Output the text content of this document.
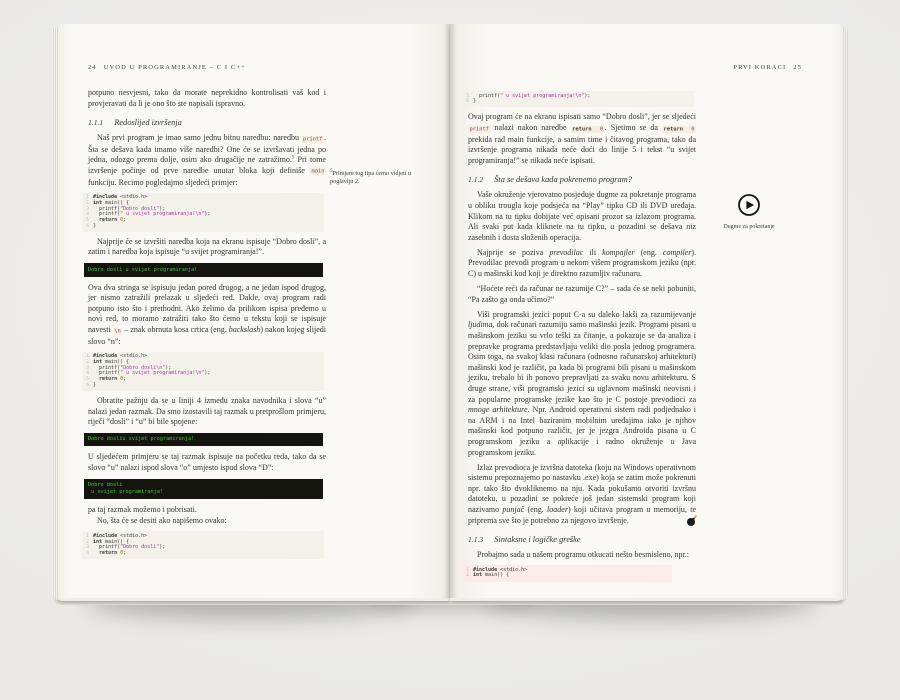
24 UVOD U PROGRAMIRANJE – C I C++

potpuno nesvjesni, tako da morate neprekidno kontrolisati vaš kod i provjeravati da li je ono što ste napisali ispravno.

1.1.1 Redoslijed izvršenja

Naš prvi program je imao samo jednu bitnu naredbu: naredbu printf . Šta se dešava kada imamo više naredbi? One će se izvršavati jedna po jedna, odozgo prema dolje, osim ako drugačije ne zatražimo.$^5$ Pri tome izvršenje počinje od prve naredbe unutar bloka koji definiše main funkciju. Recimo pogledajmo sljedeći primjer:

1 #include <stdio.h>
2 int main() {
3 printf("Dobro dosli");
4 printf(" u svijet programiranja!\n");
5	return 0;
6 }

Najprije će se izvršiti naredba koja na ekranu ispisuje “Dobro dosli”, a zatim i naredba koja ispisuje “u svijet programiranja!”.

Dobro dosli u svijet programiranja!

Ova dva stringa se ispisuju jedan pored drugog, a ne jedan ispod drugog, jer nismo zatražili prelazak u sljedeći red. Dakle, ovaj program radi potpuno isto što i prethodni. Ako želimo da prilikom ispisa pređemo u novi red, to moramo zatražiti tako što ćemo u tekstu koji se ispisuje navesti \n – znak obrnuta kosa crtica (eng. backslash) nakon kojeg slijedi slovo “n”:

1 #include <stdio.h>
2 int main() {
3 printf("Dobro dosli\n");
4 printf(" u svijet programiranja!\n");
5	return 0;
6 }

Obratite pažnju da se u liniji 4 između znaka navodnika i slova “u” nalazi jedan razmak. Da smo izostavili taj razmak u pretprošlom primjeru, riječi “dosli” i “u” bi bile spojene:

Dobro dosliu svijet programiranja!

U sljedećem primjeru se taj razmak ispisuje na početku reda, tako da se slovo “u” nalazi ispod slova “o” umjesto ispod slova “D”:

Dobro dosli
u svijet programiranja!

pa taj razmak možemo i pobrisati.

No, šta će se desiti ako napišemo ovako:

1 #include <stdio.h>
2 int main() {
3 printf("Dobro dosli");
4	return 0;
$^5$Primjere tog tipa ćemo vidjeti u poglavlju 2.
PRVI KORACI 25
5 printf(" u svijet programiranja!\n");
6 }

Ovaj program će na ekranu ispisati samo “Dobro dosli”, jer se sljedeći printf nalazi nakon naredbe return 0 . Sjetimo se da return 0 prekida rad main funkcije, a samim time i čitavog programa, tako da izvršenje programa nikada neće doći do linije 5 i tekst “u svijet programiranja!” se nikada neće ispisati.

1.1.2 Šta se dešava kada pokrenemo program?

Vaše okruženje vjerovatno posjeduje dugme za pokretanje programa u obliku trougla koje podsjeća na “Play” tipku CD ili DVD uređaja. Klikom na tu tipku dobijate već opisani prozor sa izlazom programa. Ali svaki put kada kliknete na tu tipku, u pozadini se dešava niz zasebnih i dosta složenih operacija.

Najprije se poziva prevodilac ili kompajler (eng. compiler). Prevodilac prevodi program u nekom višem programskom jeziku (npr. C) u mašinski kod koji je direktno razumljiv računaru.

“Hoćete reći da računar ne razumije C?” – sada će se neki pobuniti, “Pa zašto ga onda učimo?”

Viši programski jezici poput C-a su daleko lakši za razumijevanje ljudima, dok računari razumiju samo mašinski jezik. Programi pisani u mašinskom jeziku su vrlo teški za čitanje, a pokazuje se da analiza i prepravke programa predstavljaju veliki dio posla jednog programera. Osim toga, na svakoj klasi računara (odnosno računarskoj arhitekturi) mašinski kod je različit, pa kada bi programi bili pisani u mašinskom jeziku, trebalo bi ih ponovo prepravljati za svaku novu arhitekturu. S druge strane, viši programski jezici su uglavnom mašinski neovisni i za popularne programske jezike kao što je C postoje prevodioci za mnoge arhitekture. Npr. Android operativni sistem radi podjednako i na ARM i na Intel baziranim mobilnim uređajima iako je njihov mašinski kod potpuno različit, jer je jezgra Androida pisana u C programskom jeziku a aplikacije i radno okruženje u Java programskom jeziku.

Izlaz prevodioca je izvršna datoteka (koju na Windows operativnom sistemu prepoznajemo po nastavku .exe) koja se zatim može pokrenuti npr. tako što dvokliknemo na nju. Kada pokušamo otvoriti izvršnu datoteku, u pozadini se pokreće još jedan sistemski program koji nazivamo punjač (eng. loader) koji učitava program u memoriju, te priprema sve što je potrebno za njegovo izvršenje.

1.1.3 Sintaksne i logičke greške

Probajmo sada u našem programu otkucati nešto besmisleno, npr.:

1 #include <stdio.h>
2 int main() {
Dugme za pokretanje
